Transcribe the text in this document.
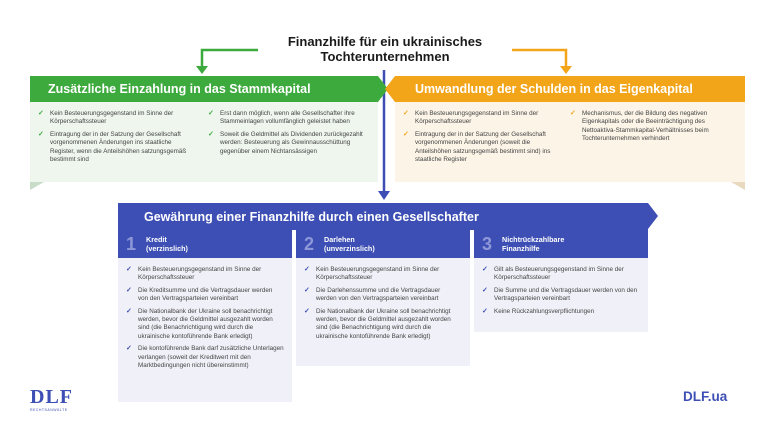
Finanzhilfe für ein ukrainisches Tochterunternehmen
Zusätzliche Einzahlung in das Stammkapital
✓ Kein Besteuerungsgegenstand im Sinne der Körperschaftssteuer
✓ Eintragung der in der Satzung der Gesellschaft vorgenommenen Änderungen ins staatliche Register, wenn die Anteilshöhen satzungsgemäß bestimmt sind
✓ Erst dann möglich, wenn alle Gesellschafter ihre Stammeinlagen vollumfänglich geleistet haben
✓ Soweit die Geldmittel als Dividenden zurückgezahlt werden: Besteuerung als Gewinnausschüttung gegenüber einem Nichtansässigen
Umwandlung der Schulden in das Eigenkapital
✓ Kein Besteuerungsgegenstand im Sinne der Körperschaftssteuer
✓ Eintragung der in der Satzung der Gesellschaft vorgenommenen Änderungen (soweit die Anteilshöhen satzungsgemäß bestimmt sind) ins staatliche Register
✓ Mechanismus, der die Bildung des negativen Eigenkapitals oder die Beeinträchtigung des Nettoaktiva-Stammkapital-Verhältnisses beim Tochterunternehmen verhindert
Gewährung einer Finanzhilfe durch einen Gesellschafter
1 Kredit
(verzinslich)
✓ Kein Besteuerungsgegenstand im Sinne der Körperschaftssteuer
✓ Die Kreditsumme und die Vertragsdauer werden von den Vertragsparteien vereinbart
✓ Die Nationalbank der Ukraine soll benachrichtigt werden, bevor die Geldmittel ausgezahlt worden sind (die Benachrichtigung wird durch die ukrainische kontoführende Bank erledigt)
✓ Die kontoführende Bank darf zusätzliche Unterlagen verlangen (soweit der Kreditwert mit den Marktbedingungen nicht übereinstimmt)
2 Darlehen
(unverzinslich)
✓ Kein Besteuerungsgegenstand im Sinne der Körperschaftssteuer
✓ Die Darlehenssumme und die Vertragsdauer werden von den Vertragsparteien vereinbart
✓ Die Nationalbank der Ukraine soll benachrichtigt werden, bevor die Geldmittel ausgezahlt worden sind (die Benachrichtigung wird durch die ukrainische kontoführende Bank erledigt)
3 Nichtrückzahlbare
Finanzhilfe
✓ Gilt als Besteuerungsgegenstand im Sinne der Körperschaftssteuer
✓ Die Summe und die Vertragsdauer werden von den Vertragsparteien vereinbart
✓ Keine Rückzahlungsverpflichtungen
DLF
RECHTSANWÄLTE
DLF.ua
